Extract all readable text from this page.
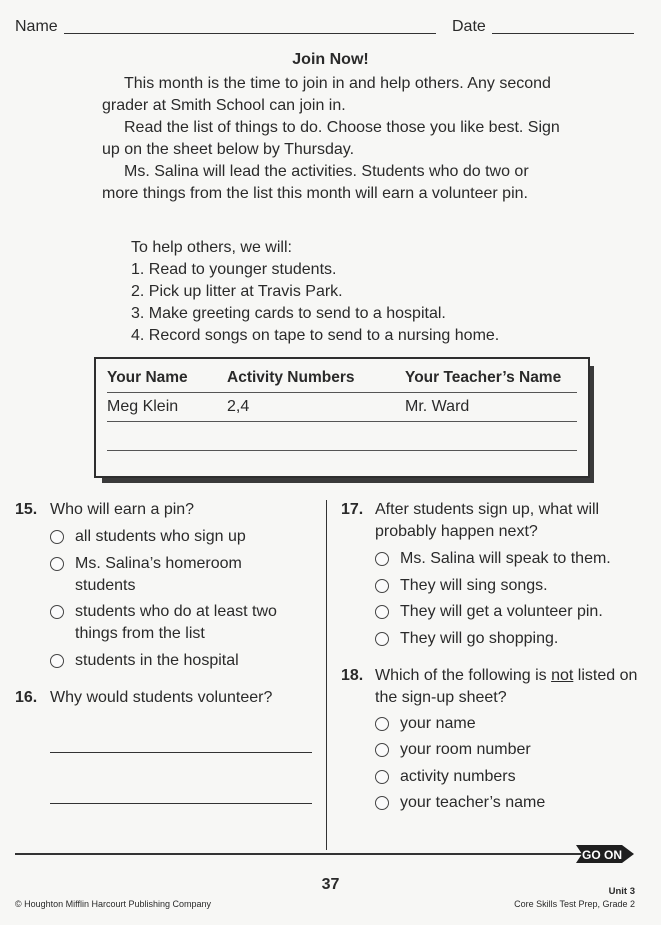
Name	Date
Join Now!

This month is the time to join in and help others. Any second grader at Smith School can join in.

Read the list of things to do. Choose those you like best. Sign up on the sheet below by Thursday.

Ms. Salina will lead the activities. Students who do two or more things from the list this month will earn a volunteer pin.

To help others, we will:
1. Read to younger students.
2. Pick up litter at Travis Park.
3. Make greeting cards to send to a hospital.
4. Record songs on tape to send to a nursing home.
Your Name	Activity Numbers	Your Teacher’s Name
Meg Klein	2,4	Mr. Ward
15. Who will earn a pin?
all students who sign up
Ms. Salina’s homeroom students
students who do at least two things from the list
students in the hospital
16. Why would students volunteer?
17. After students sign up, what will probably happen next?
Ms. Salina will speak to them.
They will sing songs.
They will get a volunteer pin.
They will go shopping.
18. Which of the following is not listed on the sign-up sheet?
your name
your room number
activity numbers
your teacher’s name
GO ON
37
© Houghton Mifflin Harcourt Publishing Company
Unit 3
Core Skills Test Prep, Grade 2
